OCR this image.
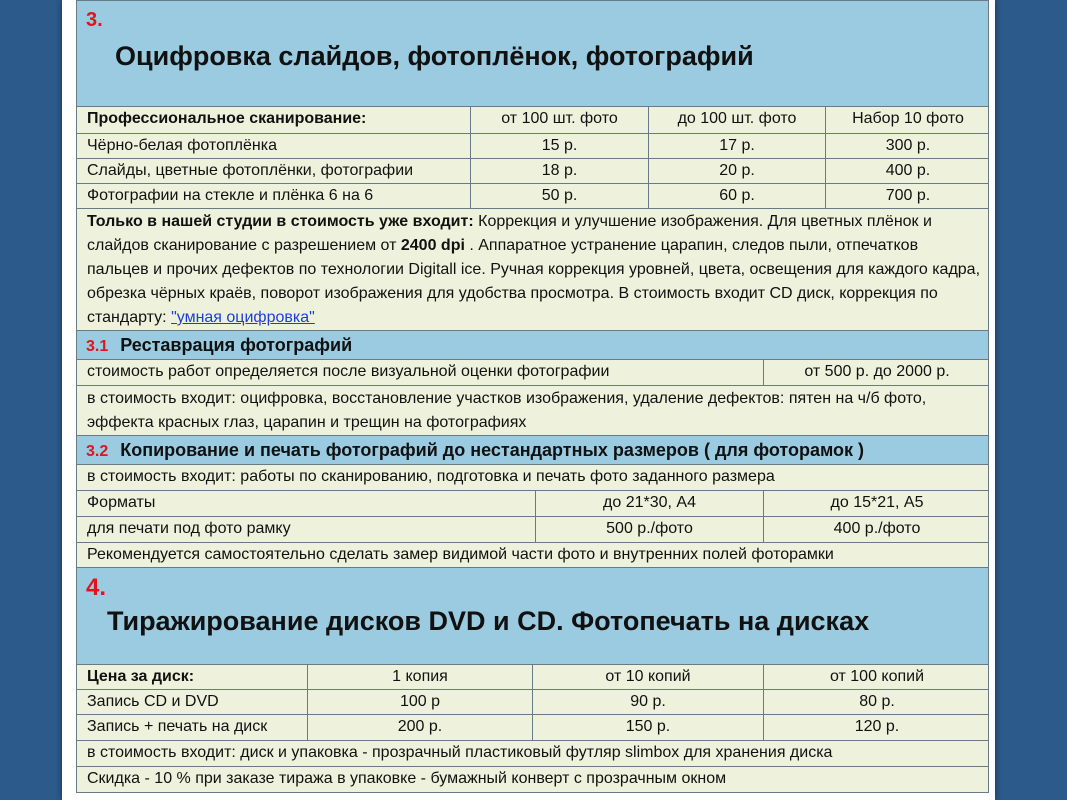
3.
Оцифровка слайдов, фотоплёнок, фотографий
Профессиональное сканирование:	от 100 шт. фото	до 100 шт. фото	Набор 10 фото
Чёрно-белая фотоплёнка	15 р.	17 р.	300 р.
Слайды, цветные фотоплёнки, фотографии	18 р.	20 р.	400 р.
Фотографии на стекле и плёнка 6 на 6	50 р.	60 р.	700 р.
Только в нашей студии в стоимость уже входит: Коррекция и улучшение изображения. Для цветных плёнок и слайдов сканирование с разрешением от 2400 dpi . Аппаратное устранение царапин, следов пыли, отпечатков пальцев и прочих дефектов по технологии Digitall ice. Ручная коррекция уровней, цвета, освещения для каждого кадра, обрезка чёрных краёв, поворот изображения для удобства просмотра. В стоимость входит CD диск, коррекция по стандарту: "умная оцифровка"
3.1 Реставрация фотографий
стоимость работ определяется после визуальной оценки фотографии	от 500 р. до 2000 р.
в стоимость входит: оцифровка, восстановление участков изображения, удаление дефектов: пятен на ч/б фото, эффекта красных глаз, царапин и трещин на фотографиях
3.2 Копирование и печать фотографий до нестандартных размеров ( для фоторамок )
в стоимость входит: работы по сканированию, подготовка и печать фото заданного размера
Форматы	до 21*30, А4	до 15*21, А5
для печати под фото рамку	500 р./фото	400 р./фото
Рекомендуется самостоятельно сделать замер видимой части фото и внутренних полей фоторамки
4.
Тиражирование дисков DVD и CD. Фотопечать на дисках
Цена за диск:	1 копия	от 10 копий	от 100 копий
Запись CD и DVD	100 р	90 р.	80 р.
Запись + печать на диск	200 р.	150 р.	120 р.
в стоимость входит: диск и упаковка - прозрачный пластиковый футляр slimbox для хранения диска
Скидка - 10 % при заказе тиража в упаковке - бумажный конверт с прозрачным окном
